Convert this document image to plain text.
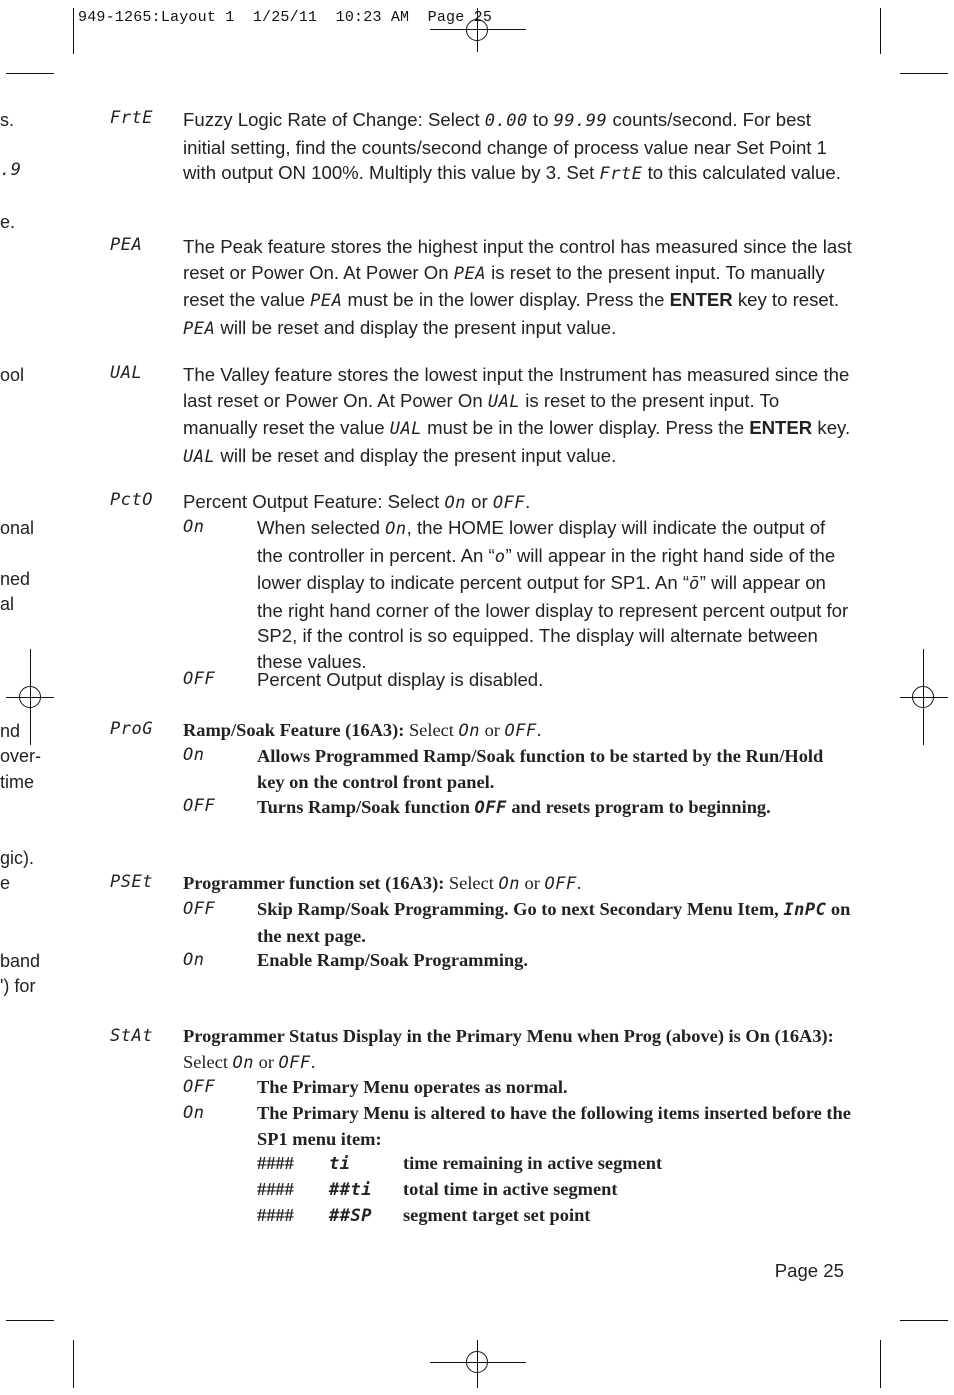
949-1265:Layout 1  1/25/11  10:23 AM  Page 25
s.
.9
e.
ool
onal
ned
al
nd
over-
time
gic).
e
band
') for
FrtE Fuzzy Logic Rate of Change: Select 0.00 to 99.99 counts/second. For best initial setting, find the counts/second change of process value near Set Point 1 with output ON 100%. Multiply this value by 3. Set FrtE to this calculated value.
PEA The Peak feature stores the highest input the control has measured since the last reset or Power On. At Power On PEA is reset to the present input. To manually reset the value PEA must be in the lower display. Press the ENTER key to reset. PEA will be reset and display the present input value.
UAL The Valley feature stores the lowest input the Instrument has measured since the last reset or Power On. At Power On UAL is reset to the present input. To manually reset the value UAL must be in the lower display. Press the ENTER key. UAL will be reset and display the present input value.
PctO Percent Output Feature: Select On or OFF.
On	When selected On, the HOME lower display will indicate the output of the controller in percent. An “o” will appear in the right hand side of the lower display to indicate percent output for SP1. An “ō” will appear on the right hand corner of the lower display to represent percent output for SP2, if the control is so equipped. The display will alternate between these values.
OFF Percent Output display is disabled.
ProG Ramp/Soak Feature (16A3): Select On or OFF.
On	Allows Programmed Ramp/Soak function to be started by the Run/Hold key on the control front panel.
OFF Turns Ramp/Soak function OFF and resets program to beginning.
PSEt Programmer function set (16A3): Select On or OFF.
OFF Skip Ramp/Soak Programming. Go to next Secondary Menu Item, InPC on the next page.
On	Enable Ramp/Soak Programming.
StAt Programmer Status Display in the Primary Menu when Prog (above) is On (16A3): Select On or OFF.
OFF The Primary Menu operates as normal.
On	The Primary Menu is altered to have the following items inserted before the SP1 menu item:
#### ti	time remaining in active segment
#### ##ti total time in active segment
#### ##SP segment target set point
Page 25
